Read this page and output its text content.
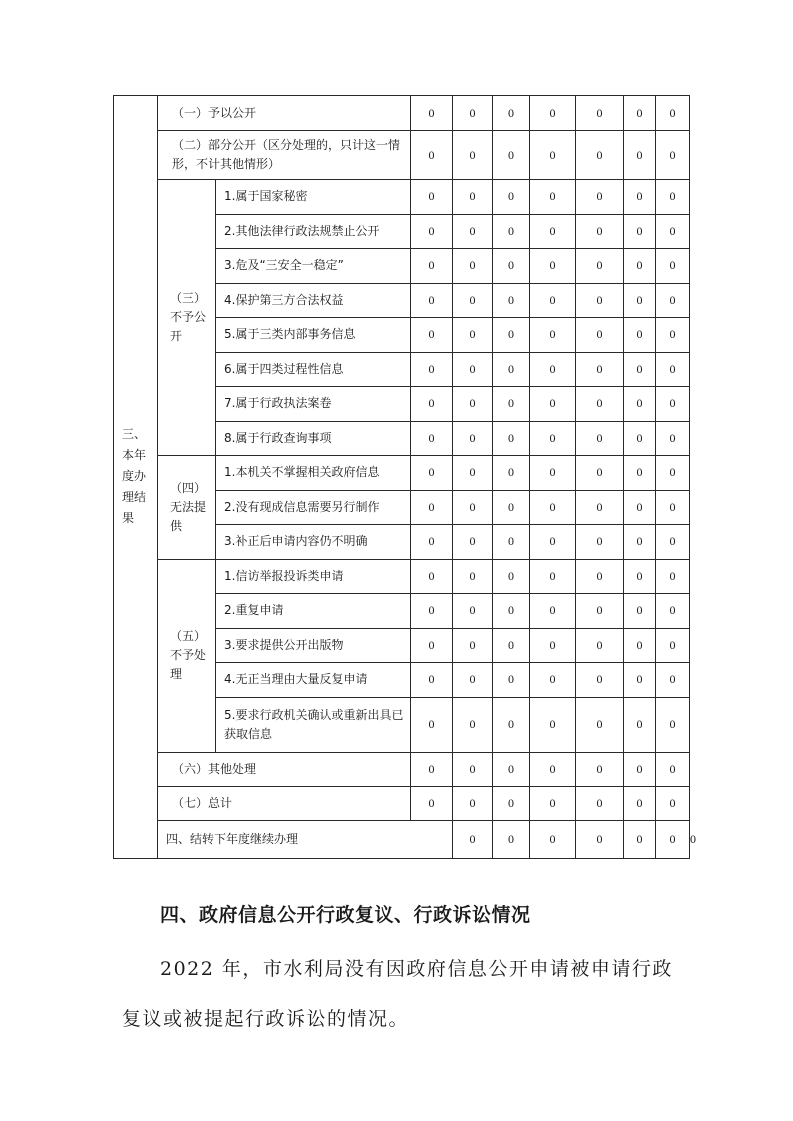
三、本年度办理结果	（一）予以公开		0	0	0	0	0	0	0	
	（二）部分公开（区分处理的，只计这一情形，不计其他情形）		0	0	0	0	0	0	0	
	（三）不予公开	1.属于国家秘密	0	0	0	0	0	0	0	
		2.其他法律行政法规禁止公开	0	0	0	0	0	0	0	
		3.危及“三安全一稳定”	0	0	0	0	0	0	0	
		4.保护第三方合法权益	0	0	0	0	0	0	0	
		5.属于三类内部事务信息	0	0	0	0	0	0	0	
		6.属于四类过程性信息	0	0	0	0	0	0	0	
		7.属于行政执法案卷	0	0	0	0	0	0	0	
		8.属于行政查询事项	0	0	0	0	0	0	0	
	（四）无法提供	1.本机关不掌握相关政府信息	0	0	0	0	0	0	0	
		2.没有现成信息需要另行制作	0	0	0	0	0	0	0	
		3.补正后申请内容仍不明确	0	0	0	0	0	0	0	
	（五）不予处理	1.信访举报投诉类申请	0	0	0	0	0	0	0	
		2.重复申请	0	0	0	0	0	0	0	
		3.要求提供公开出版物	0	0	0	0	0	0	0	
		4.无正当理由大量反复申请	0	0	0	0	0	0	0	
		5.要求行政机关确认或重新出具已获取信息	0	0	0	0	0	0	0	
	（六）其他处理		0	0	0	0	0	0	0	
	（七）总计		0	0	0	0	0	0	0	
	四、结转下年度继续办理			0	0	0	0	0	0	0
四、政府信息公开行政复议、行政诉讼情况
2022 年，市水利局没有因政府信息公开申请被申请行政
复议或被提起行政诉讼的情况。
